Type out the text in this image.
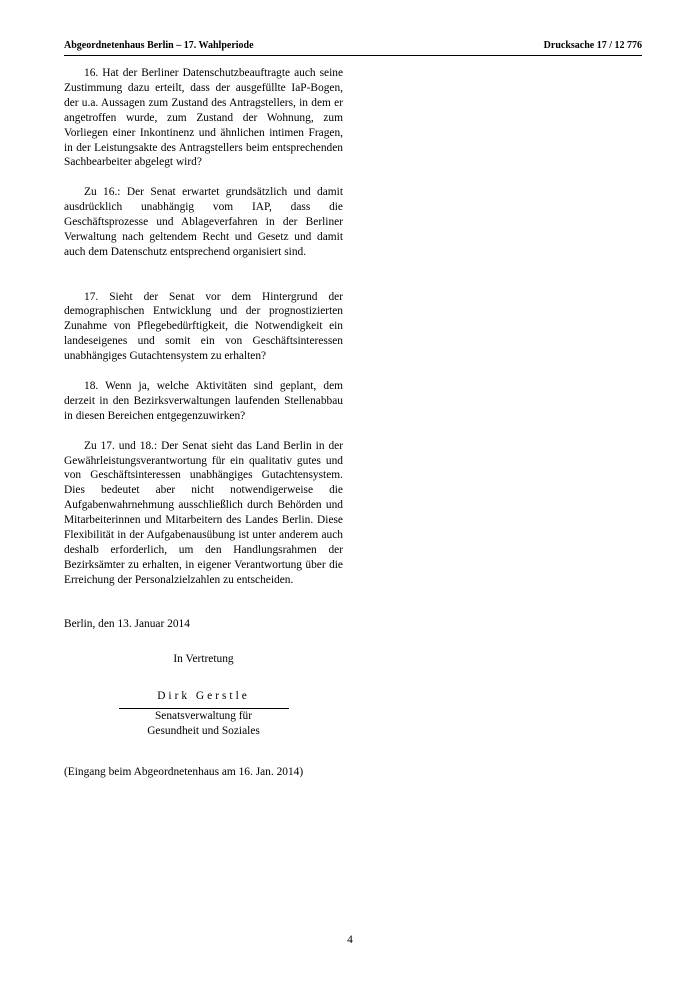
Abgeordnetenhaus Berlin – 17. Wahlperiode	Drucksache 17 / 12 776

16. Hat der Berliner Datenschutzbeauftragte auch seine Zustimmung dazu erteilt, dass der ausgefüllte IaP-Bogen, der u.a. Aussagen zum Zustand des Antragstellers, in dem er angetroffen wurde, zum Zustand der Wohnung, zum Vorliegen einer Inkontinenz und ähnlichen intimen Fragen, in der Leistungsakte des Antragstellers beim entsprechenden Sachbearbeiter abgelegt wird?

Zu 16.: Der Senat erwartet grundsätzlich und damit ausdrücklich unabhängig vom IAP, dass die Geschäftsprozesse und Ablageverfahren in der Berliner Verwaltung nach geltendem Recht und Gesetz und damit auch dem Datenschutz entsprechend organisiert sind.

17. Sieht der Senat vor dem Hintergrund der demographischen Entwicklung und der prognostizierten Zunahme von Pflegebedürftigkeit, die Notwendigkeit ein landeseigenes und somit ein von Geschäftsinteressen unabhängiges Gutachtensystem zu erhalten?

18. Wenn ja, welche Aktivitäten sind geplant, dem derzeit in den Bezirksverwaltungen laufenden Stellenabbau in diesen Bereichen entgegenzuwirken?

Zu 17. und 18.: Der Senat sieht das Land Berlin in der Gewährleistungsverantwortung für ein qualitativ gutes und von Geschäftsinteressen unabhängiges Gutachtensystem. Dies bedeutet aber nicht notwendigerweise die Aufgabenwahrnehmung ausschließlich durch Behörden und Mitarbeiterinnen und Mitarbeitern des Landes Berlin. Diese Flexibilität in der Aufgabenausübung ist unter anderem auch deshalb erforderlich, um den Handlungsrahmen der Bezirksämter zu erhalten, in eigener Verantwortung über die Erreichung der Personalzielzahlen zu entscheiden.

Berlin, den 13. Januar 2014

In Vertretung
Dirk Gerstle
Senatsverwaltung für
Gesundheit und Soziales

(Eingang beim Abgeordnetenhaus am 16. Jan. 2014)

4
